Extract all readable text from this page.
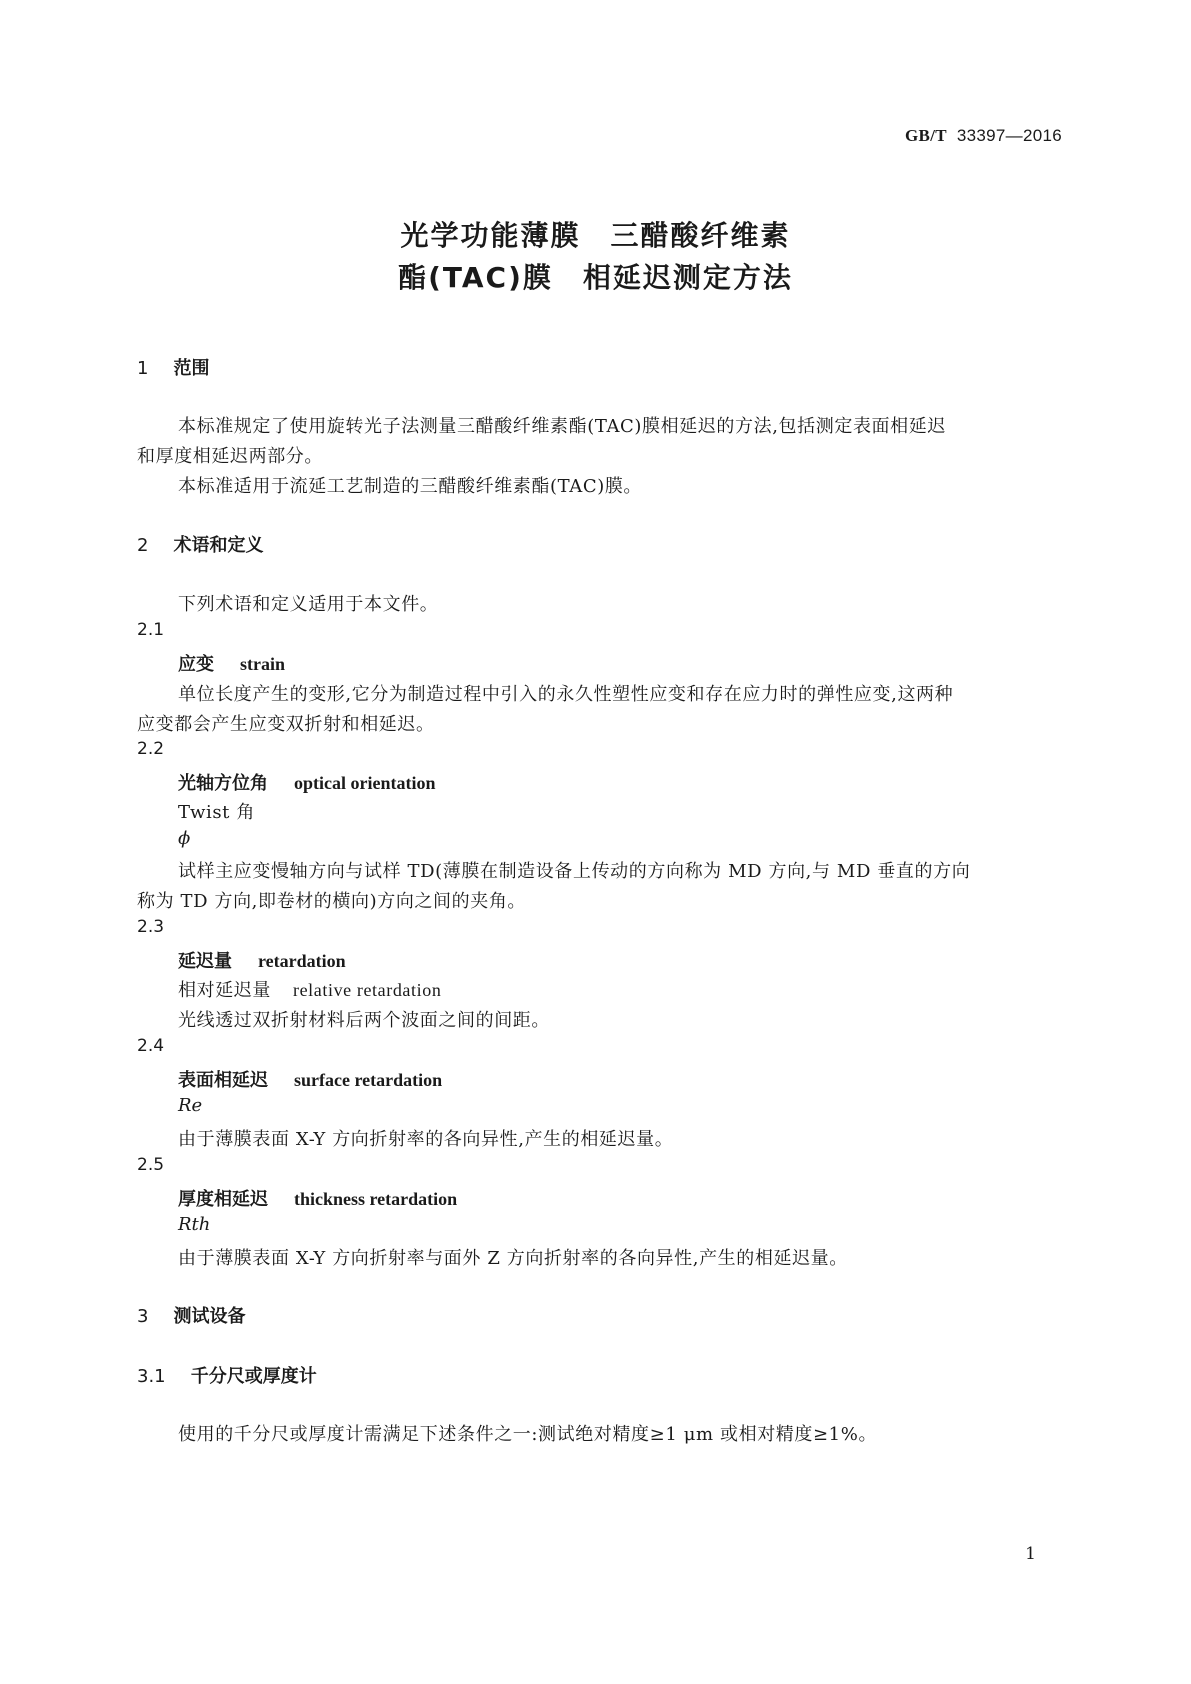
GB/T 33397—2016
光学功能薄膜　三醋酸纤维素
酯(TAC)膜　相延迟测定方法
1 范围
本标准规定了使用旋转光子法测量三醋酸纤维素酯(TAC)膜相延迟的方法,包括测定表面相延迟
和厚度相延迟两部分。
本标准适用于流延工艺制造的三醋酸纤维素酯(TAC)膜。
2 术语和定义
下列术语和定义适用于本文件。
2.1
应变 strain
单位长度产生的变形,它分为制造过程中引入的永久性塑性应变和存在应力时的弹性应变,这两种
应变都会产生应变双折射和相延迟。
2.2
光轴方位角 optical orientation
Twist 角
ϕ
试样主应变慢轴方向与试样 TD(薄膜在制造设备上传动的方向称为 MD 方向,与 MD 垂直的方向
称为 TD 方向,即卷材的横向)方向之间的夹角。
2.3
延迟量 retardation
相对延迟量 relative retardation
光线透过双折射材料后两个波面之间的间距。
2.4
表面相延迟 surface retardation
Re
由于薄膜表面 X-Y 方向折射率的各向异性,产生的相延迟量。
2.5
厚度相延迟 thickness retardation
Rth
由于薄膜表面 X-Y 方向折射率与面外 Z 方向折射率的各向异性,产生的相延迟量。
3 测试设备
3.1 千分尺或厚度计
使用的千分尺或厚度计需满足下述条件之一:测试绝对精度≥1 μm 或相对精度≥1%。
1
